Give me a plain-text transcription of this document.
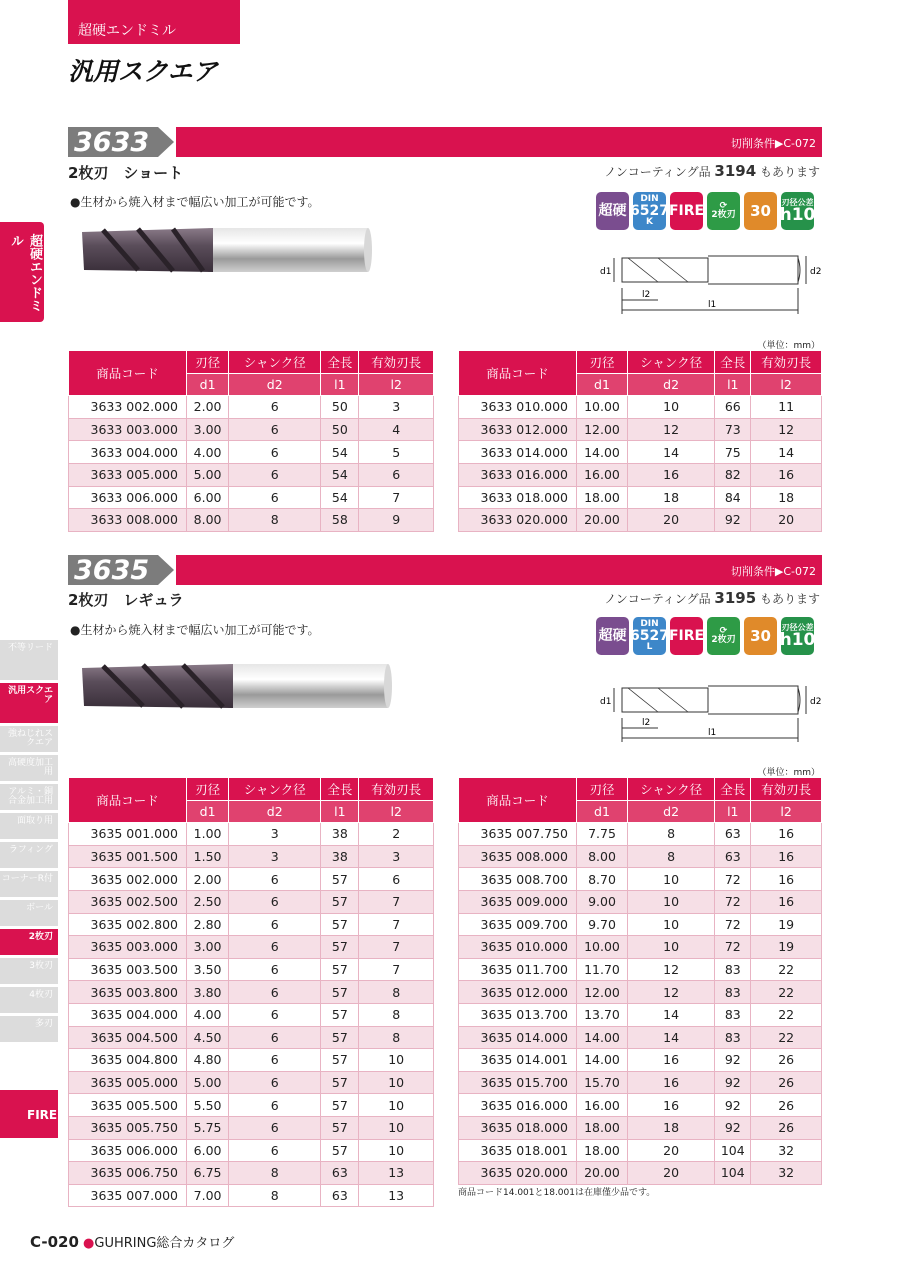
超硬エンドミル
汎用スクエア
超硬エンドミル
不等リード
汎用スクエア
強ねじれスクエア
高硬度加工用
アルミ・銅合金加工用
面取り用
ラフィング
コーナーR付
ボール
2枚刃
3枚刃
4枚刃
多刃
FIRE
3633	切削条件▶C-072
2枚刃　ショート	ノンコーティング品 3194 もあります
●生材から焼入材まで幅広い加工が可能です。
超硬
DIN
6527
K
FIRE ⟳
2枚刃 30	刃径公差
h10
d1	d2
l2
l1
（単位：mm）
商品コード	刃径	シャンク径	全長	有効刃長
	d1	d2	l1	l2
3633 002.000	2.00	6	50	3
3633 003.000	3.00	6	50	4
3633 004.000	4.00	6	54	5
3633 005.000	5.00	6	54	6
3633 006.000	6.00	6	54	7
3633 008.000	8.00	8	58	9
商品コード	刃径	シャンク径	全長	有効刃長
	d1	d2	l1	l2
3633 010.000	10.00	10	66	11
3633 012.000	12.00	12	73	12
3633 014.000	14.00	14	75	14
3633 016.000	16.00	16	82	16
3633 018.000	18.00	18	84	18
3633 020.000	20.00	20	92	20
3635	切削条件▶C-072
2枚刃　レギュラ	ノンコーティング品 3195 もあります
●生材から焼入材まで幅広い加工が可能です。	超硬
DIN
6527
L
FIRE ⟳
2枚刃 30	刃径公差
h10
d1	d2
l2
l1
（単位：mm）
商品コード	刃径	シャンク径	全長	有効刃長
	d1	d2	l1	l2
3635 001.000	1.00	3	38	2
3635 001.500	1.50	3	38	3
3635 002.000	2.00	6	57	6
3635 002.500	2.50	6	57	7
3635 002.800	2.80	6	57	7
3635 003.000	3.00	6	57	7
3635 003.500	3.50	6	57	7
3635 003.800	3.80	6	57	8
3635 004.000	4.00	6	57	8
3635 004.500	4.50	6	57	8
3635 004.800	4.80	6	57	10
3635 005.000	5.00	6	57	10
3635 005.500	5.50	6	57	10
3635 005.750	5.75	6	57	10
3635 006.000	6.00	6	57	10
3635 006.750	6.75	8	63	13
3635 007.000	7.00	8	63	13
商品コード	刃径	シャンク径	全長	有効刃長
	d1	d2	l1	l2
3635 007.750	7.75	8	63	16
3635 008.000	8.00	8	63	16
3635 008.700	8.70	10	72	16
3635 009.000	9.00	10	72	16
3635 009.700	9.70	10	72	19
3635 010.000	10.00	10	72	19
3635 011.700	11.70	12	83	22
3635 012.000	12.00	12	83	22
3635 013.700	13.70	14	83	22
3635 014.000	14.00	14	83	22
3635 014.001	14.00	16	92	26
3635 015.700	15.70	16	92	26
3635 016.000	16.00	16	92	26
3635 018.000	18.00	18	92	26
3635 018.001	18.00	20	104	32
3635 020.000	20.00	20	104	32
商品コード14.001と18.001は在庫僅少品です。
C-020 ●GUHRING総合カタログ
